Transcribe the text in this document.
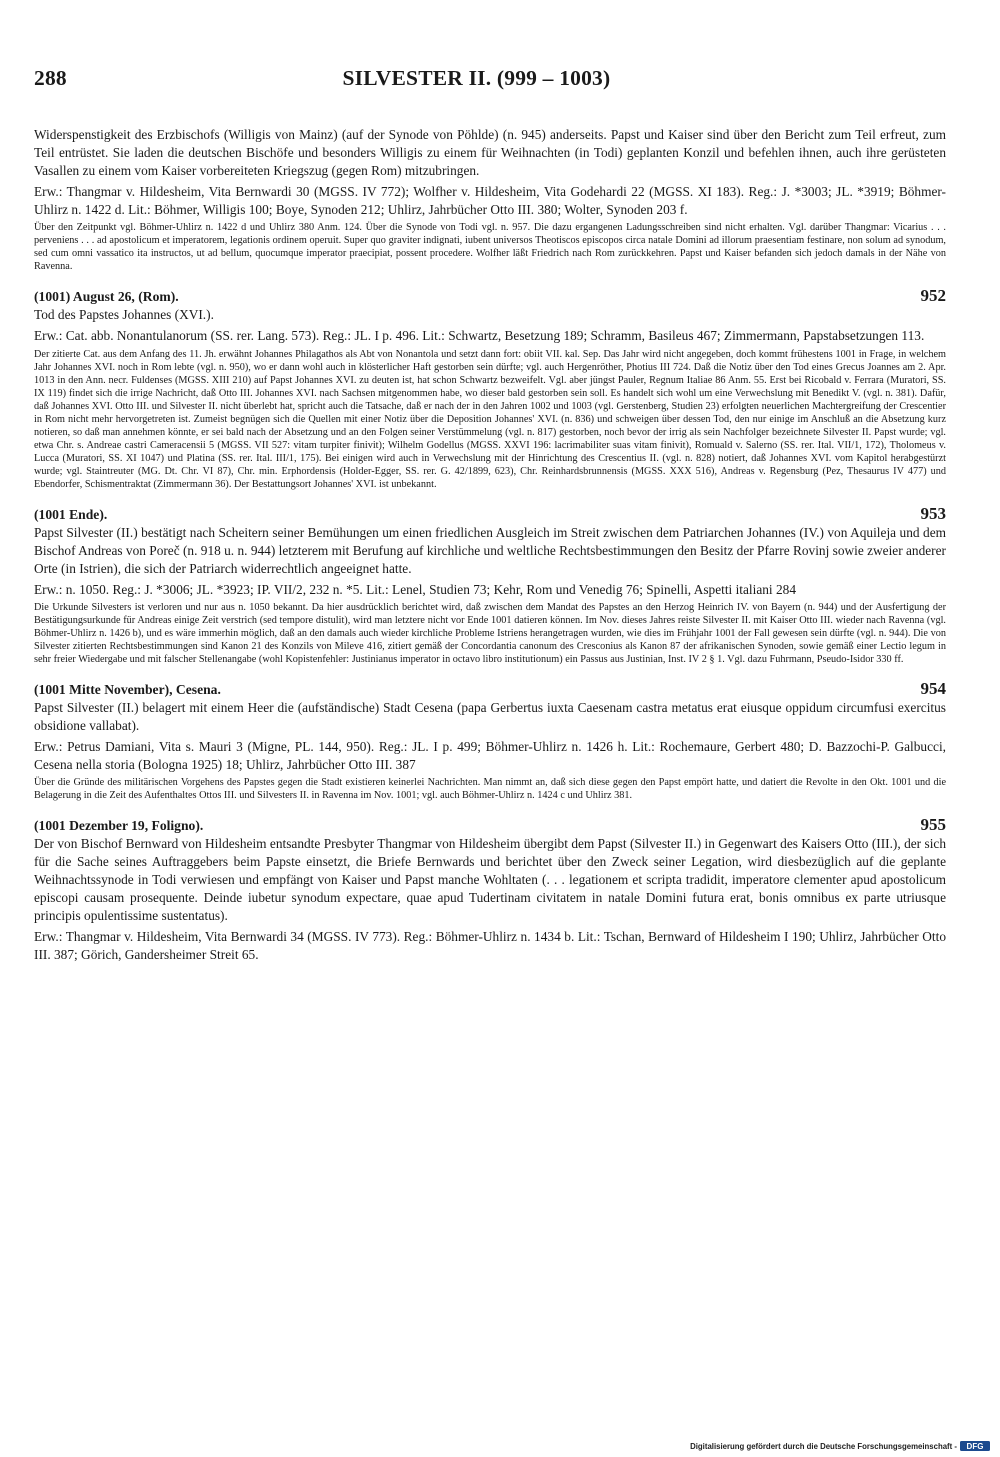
288	SILVESTER II. (999 – 1003)

Widerspenstigkeit des Erzbischofs (Willigis von Mainz) (auf der Synode von Pöhlde) (n. 945) anderseits. Papst und Kaiser sind über den Bericht zum Teil erfreut, zum Teil entrüstet. Sie laden die deutschen Bischöfe und besonders Willigis zu einem für Weihnachten (in Todi) geplanten Konzil und befehlen ihnen, auch ihre gerüsteten Vasallen zu einem vom Kaiser vorbereiteten Kriegszug (gegen Rom) mitzubringen.

Erw.: Thangmar v. Hildesheim, Vita Bernwardi 30 (MGSS. IV 772); Wolfher v. Hildesheim, Vita Godehardi 22 (MGSS. XI 183). Reg.: J. *3003; JL. *3919; Böhmer-Uhlirz n. 1422 d. Lit.: Böhmer, Willigis 100; Boye, Synoden 212; Uhlirz, Jahrbücher Otto III. 380; Wolter, Synoden 203 f.

Über den Zeitpunkt vgl. Böhmer-Uhlirz n. 1422 d und Uhlirz 380 Anm. 124. Über die Synode von Todi vgl. n. 957. Die dazu ergangenen Ladungsschreiben sind nicht erhalten. Vgl. darüber Thangmar: Vicarius . . . perveniens . . . ad apostolicum et imperatorem, legationis ordinem operuit. Super quo graviter indignati, iubent universos Theotiscos episcopos circa natale Domini ad illorum praesentiam festinare, non solum ad synodum, sed cum omni vassatico ita instructos, ut ad bellum, quocumque imperator praecipiat, possent procedere. Wolfher läßt Friedrich nach Rom zurückkehren. Papst und Kaiser befanden sich jedoch damals in der Nähe von Ravenna.

(1001) August 26, (Rom).	952

Tod des Papstes Johannes (XVI.).

Erw.: Cat. abb. Nonantulanorum (SS. rer. Lang. 573). Reg.: JL. I p. 496. Lit.: Schwartz, Besetzung 189; Schramm, Basileus 467; Zimmermann, Papstabsetzungen 113.

Der zitierte Cat. aus dem Anfang des 11. Jh. erwähnt Johannes Philagathos als Abt von Nonantola und setzt dann fort: obiit VII. kal. Sep. Das Jahr wird nicht angegeben, doch kommt frühestens 1001 in Frage, in welchem Jahr Johannes XVI. noch in Rom lebte (vgl. n. 950), wo er dann wohl auch in klösterlicher Haft gestorben sein dürfte; vgl. auch Hergenröther, Photius III 724. Daß die Notiz über den Tod eines Grecus Joannes am 2. Apr. 1013 in den Ann. necr. Fuldenses (MGSS. XIII 210) auf Papst Johannes XVI. zu deuten ist, hat schon Schwartz bezweifelt. Vgl. aber jüngst Pauler, Regnum Italiae 86 Anm. 55. Erst bei Ricobald v. Ferrara (Muratori, SS. IX 119) findet sich die irrige Nachricht, daß Otto III. Johannes XVI. nach Sachsen mitgenommen habe, wo dieser bald gestorben sein soll. Es handelt sich wohl um eine Verwechslung mit Benedikt V. (vgl. n. 381). Dafür, daß Johannes XVI. Otto III. und Silvester II. nicht überlebt hat, spricht auch die Tatsache, daß er nach der in den Jahren 1002 und 1003 (vgl. Gerstenberg, Studien 23) erfolgten neuerlichen Machtergreifung der Crescentier in Rom nicht mehr hervorgetreten ist. Zumeist begnügen sich die Quellen mit einer Notiz über die Deposition Johannes' XVI. (n. 836) und schweigen über dessen Tod, den nur einige im Anschluß an die Absetzung kurz notieren, so daß man annehmen könnte, er sei bald nach der Absetzung und an den Folgen seiner Verstümmelung (vgl. n. 817) gestorben, noch bevor der irrig als sein Nachfolger bezeichnete Silvester II. Papst wurde; vgl. etwa Chr. s. Andreae castri Cameracensii 5 (MGSS. VII 527: vitam turpiter finivit); Wilhelm Godellus (MGSS. XXVI 196: lacrimabiliter suas vitam finivit), Romuald v. Salerno (SS. rer. Ital. VII/1, 172), Tholomeus v. Lucca (Muratori, SS. XI 1047) und Platina (SS. rer. Ital. III/1, 175). Bei einigen wird auch in Verwechslung mit der Hinrichtung des Crescentius II. (vgl. n. 828) notiert, daß Johannes XVI. vom Kapitol herabgestürzt wurde; vgl. Staintreuter (MG. Dt. Chr. VI 87), Chr. min. Erphordensis (Holder-Egger, SS. rer. G. 42/1899, 623), Chr. Reinhardsbrunnensis (MGSS. XXX 516), Andreas v. Regensburg (Pez, Thesaurus IV 477) und Ebendorfer, Schismentraktat (Zimmermann 36). Der Bestattungsort Johannes' XVI. ist unbekannt.

(1001 Ende).	953

Papst Silvester (II.) bestätigt nach Scheitern seiner Bemühungen um einen friedlichen Ausgleich im Streit zwischen dem Patriarchen Johannes (IV.) von Aquileja und dem Bischof Andreas von Poreč (n. 918 u. n. 944) letzterem mit Berufung auf kirchliche und weltliche Rechtsbestimmungen den Besitz der Pfarre Rovinj sowie zweier anderer Orte (in Istrien), die sich der Patriarch widerrechtlich angeeignet hatte.

Erw.: n. 1050. Reg.: J. *3006; JL. *3923; IP. VII/2, 232 n. *5. Lit.: Lenel, Studien 73; Kehr, Rom und Venedig 76; Spinelli, Aspetti italiani 284

Die Urkunde Silvesters ist verloren und nur aus n. 1050 bekannt. Da hier ausdrücklich berichtet wird, daß zwischen dem Mandat des Papstes an den Herzog Heinrich IV. von Bayern (n. 944) und der Ausfertigung der Bestätigungsurkunde für Andreas einige Zeit verstrich (sed tempore distulit), wird man letztere nicht vor Ende 1001 datieren können. Im Nov. dieses Jahres reiste Silvester II. mit Kaiser Otto III. wieder nach Ravenna (vgl. Böhmer-Uhlirz n. 1426 b), und es wäre immerhin möglich, daß an den damals auch wieder kirchliche Probleme Istriens herangetragen wurden, wie dies im Frühjahr 1001 der Fall gewesen sein dürfte (vgl. n. 944). Die von Silvester zitierten Rechtsbestimmungen sind Kanon 21 des Konzils von Mileve 416, zitiert gemäß der Concordantia canonum des Cresconius als Kanon 87 der afrikanischen Synoden, sowie gemäß einer Lectio legum in sehr freier Wiedergabe und mit falscher Stellenangabe (wohl Kopistenfehler: Justinianus imperator in octavo libro institutionum) ein Passus aus Justinian, Inst. IV 2 § 1. Vgl. dazu Fuhrmann, Pseudo-Isidor 330 ff.

(1001 Mitte November), Cesena.	954

Papst Silvester (II.) belagert mit einem Heer die (aufständische) Stadt Cesena (papa Gerbertus iuxta Caesenam castra metatus erat eiusque oppidum circumfusi exercitus obsidione vallabat).

Erw.: Petrus Damiani, Vita s. Mauri 3 (Migne, PL. 144, 950). Reg.: JL. I p. 499; Böhmer-Uhlirz n. 1426 h. Lit.: Rochemaure, Gerbert 480; D. Bazzochi-P. Galbucci, Cesena nella storia (Bologna 1925) 18; Uhlirz, Jahrbücher Otto III. 387

Über die Gründe des militärischen Vorgehens des Papstes gegen die Stadt existieren keinerlei Nachrichten. Man nimmt an, daß sich diese gegen den Papst empört hatte, und datiert die Revolte in den Okt. 1001 und die Belagerung in die Zeit des Aufenthaltes Ottos III. und Silvesters II. in Ravenna im Nov. 1001; vgl. auch Böhmer-Uhlirz n. 1424 c und Uhlirz 381.

(1001 Dezember 19, Foligno).	955

Der von Bischof Bernward von Hildesheim entsandte Presbyter Thangmar von Hildesheim übergibt dem Papst (Silvester II.) in Gegenwart des Kaisers Otto (III.), der sich für die Sache seines Auftraggebers beim Papste einsetzt, die Briefe Bernwards und berichtet über den Zweck seiner Legation, wird diesbezüglich auf die geplante Weihnachtssynode in Todi verwiesen und empfängt von Kaiser und Papst manche Wohltaten (. . . legationem et scripta tradidit, imperatore clementer apud apostolicum episcopi causam prosequente. Deinde iubetur synodum expectare, quae apud Tudertinam civitatem in natale Domini futura erat, bonis omnibus ex parte utriusque principis opulentissime sustentatus).

Erw.: Thangmar v. Hildesheim, Vita Bernwardi 34 (MGSS. IV 773). Reg.: Böhmer-Uhlirz n. 1434 b. Lit.: Tschan, Bernward of Hildesheim I 190; Uhlirz, Jahrbücher Otto III. 387; Görich, Gandersheimer Streit 65.

Digitalisierung gefördert durch die Deutsche Forschungsgemeinschaft - DFG
